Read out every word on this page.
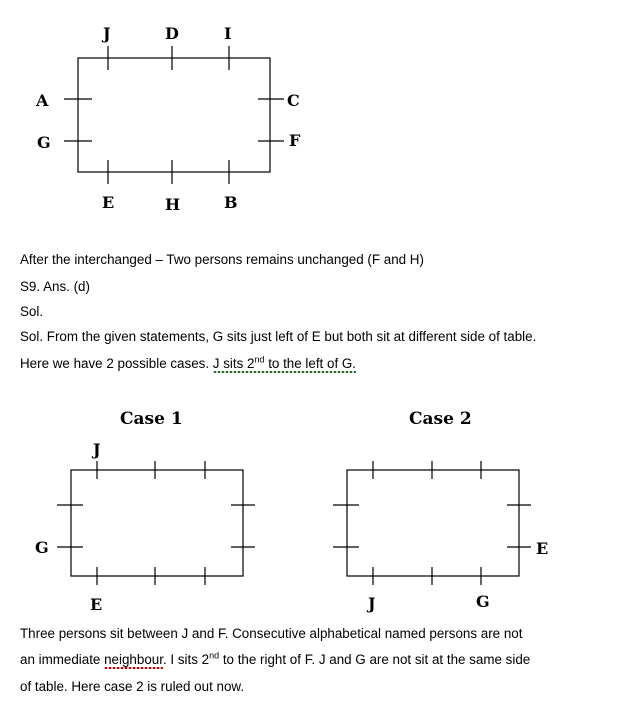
J	D	I
A
G
C
F
E	H	B
Case 1
J
G
E
Case 2
E
J	G
After the interchanged – Two persons remains unchanged (F and H)
S9. Ans. (d)
Sol.
Sol. From the given statements, G sits just left of E but both sit at different side of table.
Here we have 2 possible cases. J sits 2nd to the left of G.
Three persons sit between J and F. Consecutive alphabetical named persons are not
an immediate neighbour. I sits 2nd to the right of F. J and G are not sit at the same side
of table. Here case 2 is ruled out now.
